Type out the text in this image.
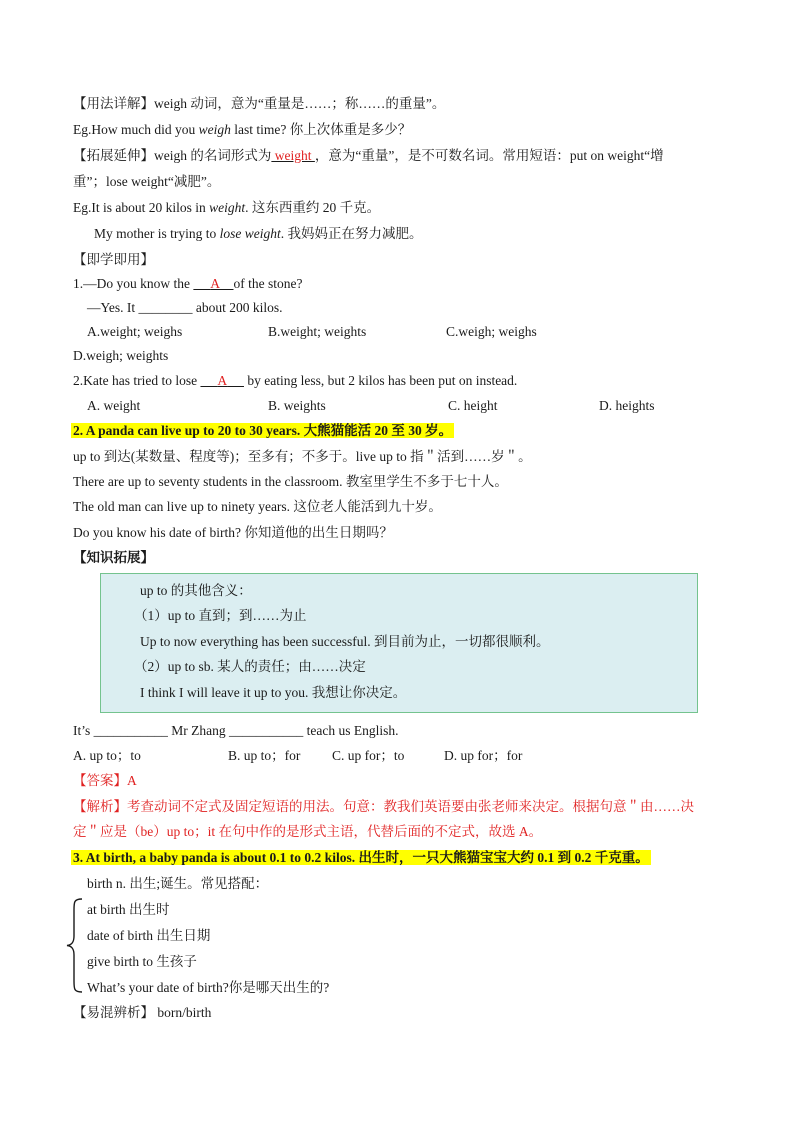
【用法详解】weigh 动词，意为“重量是……；称……的重量”。
Eg.How much did you weigh last time? 你上次体重是多少？
【拓展延伸】weigh 的名词形式为 weight ，意为“重量”，是不可数名词。常用短语：put on weight“增
重”；lose weight“减肥”。
Eg.It is about 20 kilos in weight. 这东西重约 20 千克。
My mother is trying to lose weight. 我妈妈正在努力减肥。
【即学即用】
1.—Do you know the      A of the stone?
—Yes. It ________ about 200 kilos.
A.weight; weighs	B.weight; weights	C.weigh; weighs
D.weigh; weights
2.Kate has tried to lose      A      by eating less, but 2 kilos has been put on instead.
A. weight	B. weights	C. height	D. heights
2. A panda can live up to 20 to 30 years. 大熊猫能活 20 至 30 岁。
up to 到达(某数量、程度等)；至多有；不多于。live up to 指＂活到……岁＂。
There are up to seventy students in the classroom. 教室里学生不多于七十人。
The old man can live up to ninety years. 这位老人能活到九十岁。
Do you know his date of birth? 你知道他的出生日期吗？
【知识拓展】
up to 的其他含义：
（1）up to 直到；到……为止
Up to now everything has been successful. 到目前为止，一切都很顺利。
（2）up to sb. 某人的责任；由……决定
I think I will leave it up to you. 我想让你决定。
It’s ___________ Mr Zhang ___________ teach us English.
A. up to；to	B. up to；for C. up for；to	D. up for；for
【答案】A
【解析】考查动词不定式及固定短语的用法。句意：教我们英语要由张老师来决定。根据句意＂由……决
定＂应是（be）up to；it 在句中作的是形式主语，代替后面的不定式，故选 A。
3. At birth, a baby panda is about 0.1 to 0.2 kilos. 出生时，一只大熊猫宝宝大约 0.1 到 0.2 千克重。
birth n. 出生;诞生。常见搭配：
at birth 出生时
date of birth 出生日期
give birth to 生孩子
What’s your date of birth?你是哪天出生的?
【易混辨析】 born/birth
